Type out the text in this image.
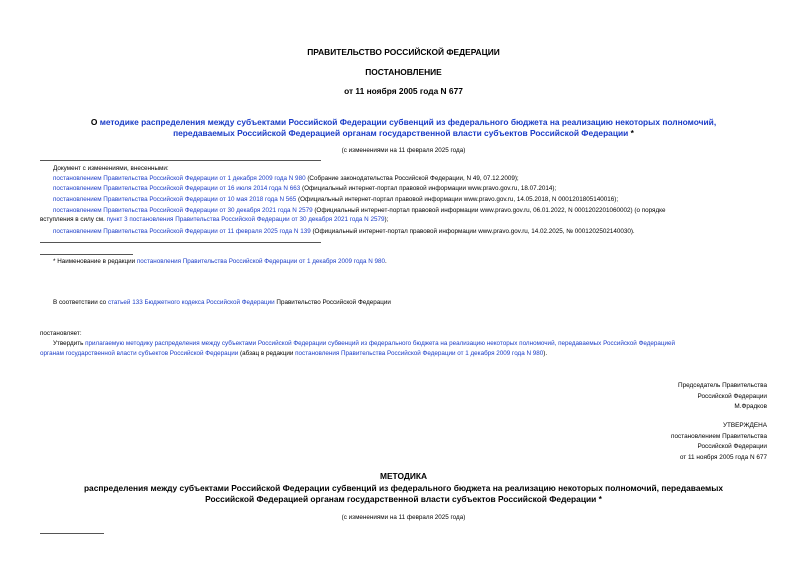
ПРАВИТЕЛЬСТВО РОССИЙСКОЙ ФЕДЕРАЦИИ
ПОСТАНОВЛЕНИЕ
от 11 ноября 2005 года N 677
О методике распределения между субъектами Российской Федерации субвенций из федерального бюджета на реализацию некоторых полномочий,
передаваемых Российской Федерацией органам государственной власти субъектов Российской Федерации *
(с изменениями на 11 февраля 2025 года)
Документ с изменениями, внесенными:
постановлением Правительства Российской Федерации от 1 декабря 2009 года N 980 (Собрание законодательства Российской Федерации, N 49, 07.12.2009);
постановлением Правительства Российской Федерации от 16 июля 2014 года N 663 (Официальный интернет-портал правовой информации www.pravo.gov.ru, 18.07.2014);
постановлением Правительства Российской Федерации от 10 мая 2018 года N 565 (Официальный интернет-портал правовой информации www.pravo.gov.ru, 14.05.2018, N 0001201805140016);
постановлением Правительства Российской Федерации от 30 декабря 2021 года N 2579 (Официальный интернет-портал правовой информации www.pravo.gov.ru, 06.01.2022, N 0001202201060002) (о порядке
вступления в силу см. пункт 3 постановления Правительства Российской Федерации от 30 декабря 2021 года N 2579);
постановлением Правительства Российской Федерации от 11 февраля 2025 года N 139 (Официальный интернет-портал правовой информации www.pravo.gov.ru, 14.02.2025, № 0001202502140030).
* Наименование в редакции постановления Правительства Российской Федерации от 1 декабря 2009 года N 980.
В соответствии со статьей 133 Бюджетного кодекса Российской Федерации Правительство Российской Федерации
постановляет:
Утвердить прилагаемую методику распределения между субъектами Российской Федерации субвенций из федерального бюджета на реализацию некоторых полномочий, передаваемых Российской Федерацией
органам государственной власти субъектов Российской Федерации (абзац в редакции постановления Правительства Российской Федерации от 1 декабря 2009 года N 980).
Председатель Правительства
Российской Федерации
М.Фрадков
УТВЕРЖДЕНА
постановлением Правительства
Российской Федерации
от 11 ноября 2005 года N 677
МЕТОДИКА
распределения между субъектами Российской Федерации субвенций из федерального бюджета на реализацию некоторых полномочий, передаваемых
Российской Федерацией органам государственной власти субъектов Российской Федерации *
(с изменениями на 11 февраля 2025 года)
